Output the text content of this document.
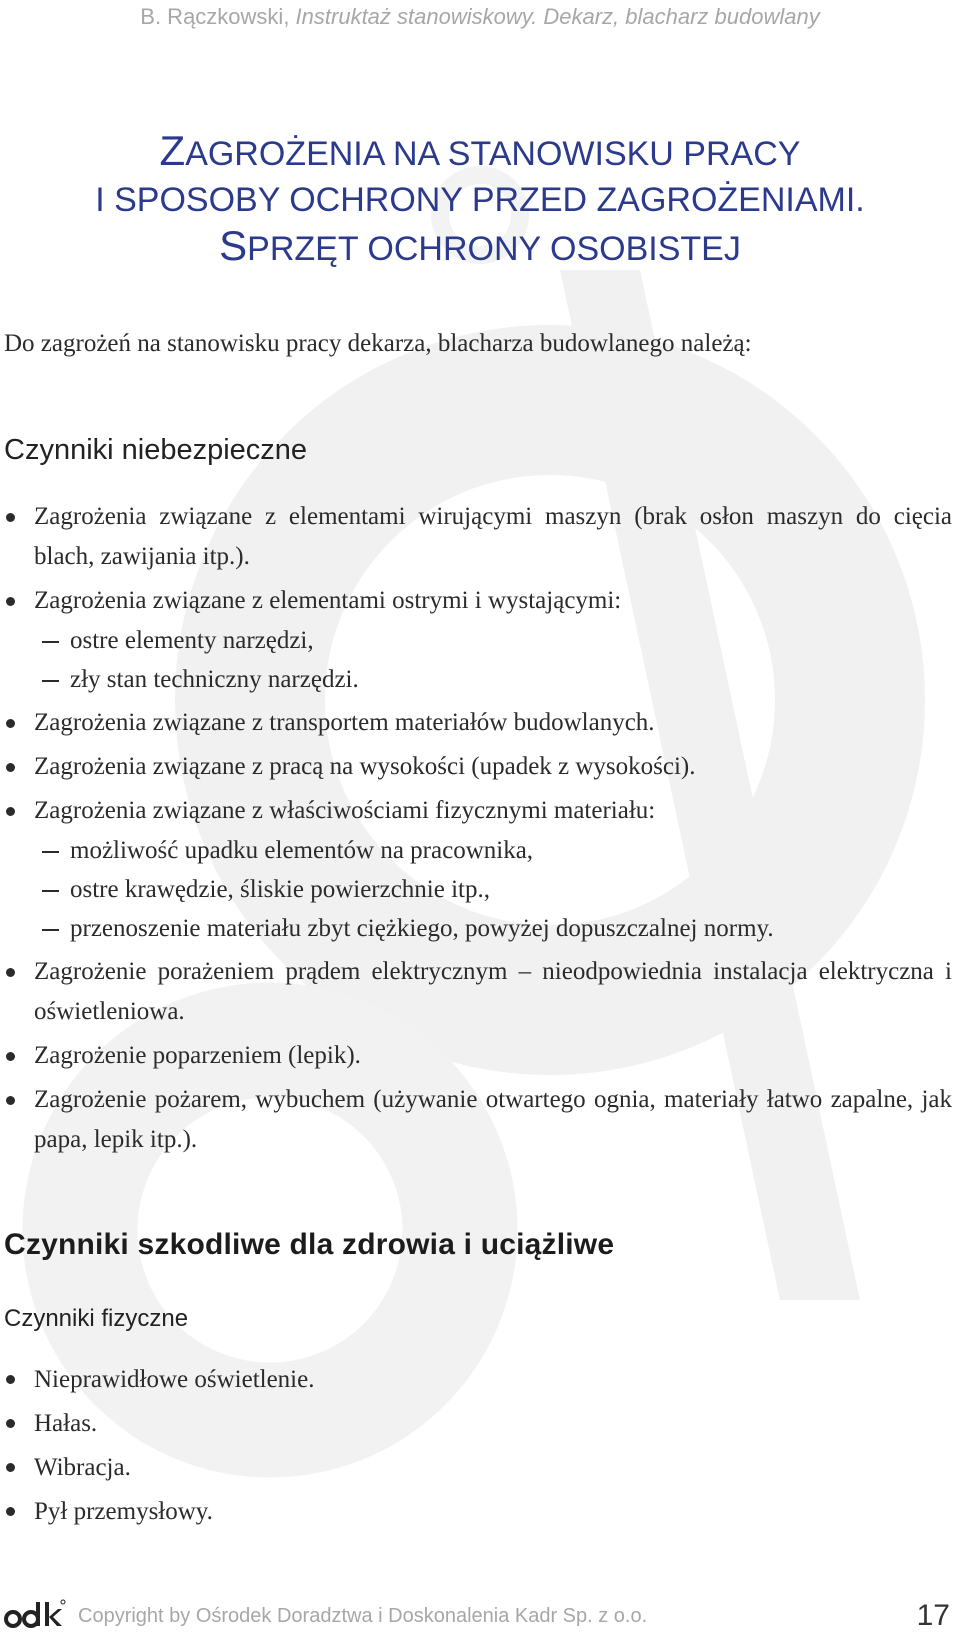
B. Rączkowski, Instruktaż stanowiskowy. Dekarz, blacharz budowlany
ZAGROŻENIA NA STANOWISKU PRACY
I SPOSOBY OCHRONY PRZED ZAGROŻENIAMI.
SPRZĘT OCHRONY OSOBISTEJ

Do zagrożeń na stanowisku pracy dekarza, blacharza budowlanego należą:

Czynniki niebezpieczne
Zagrożenia związane z elementami wirującymi maszyn (brak osłon maszyn do cięcia blach, zawijania itp.).
Zagrożenia związane z elementami ostrymi i wystającymi:
ostre elementy narzędzi,
zły stan techniczny narzędzi.
Zagrożenia związane z transportem materiałów budowlanych.
Zagrożenia związane z pracą na wysokości (upadek z wysokości).
Zagrożenia związane z właściwościami fizycznymi materiału:
możliwość upadku elementów na pracownika,
ostre krawędzie, śliskie powierzchnie itp.,
przenoszenie materiału zbyt ciężkiego, powyżej dopuszczalnej normy.
Zagrożenie porażeniem prądem elektrycznym – nieodpowiednia instalacja elektryczna i oświetleniowa.
Zagrożenie poparzeniem (lepik).
Zagrożenie pożarem, wybuchem (używanie otwartego ognia, materiały łatwo zapalne, jak papa, lepik itp.).
Czynniki szkodliwe dla zdrowia i uciążliwe
Czynniki fizyczne
Nieprawidłowe oświetlenie.
Hałas.
Wibracja.
Pył przemysłowy.
Copyright by Ośrodek Doradztwa i Doskonalenia Kadr Sp. z o.o.	17
